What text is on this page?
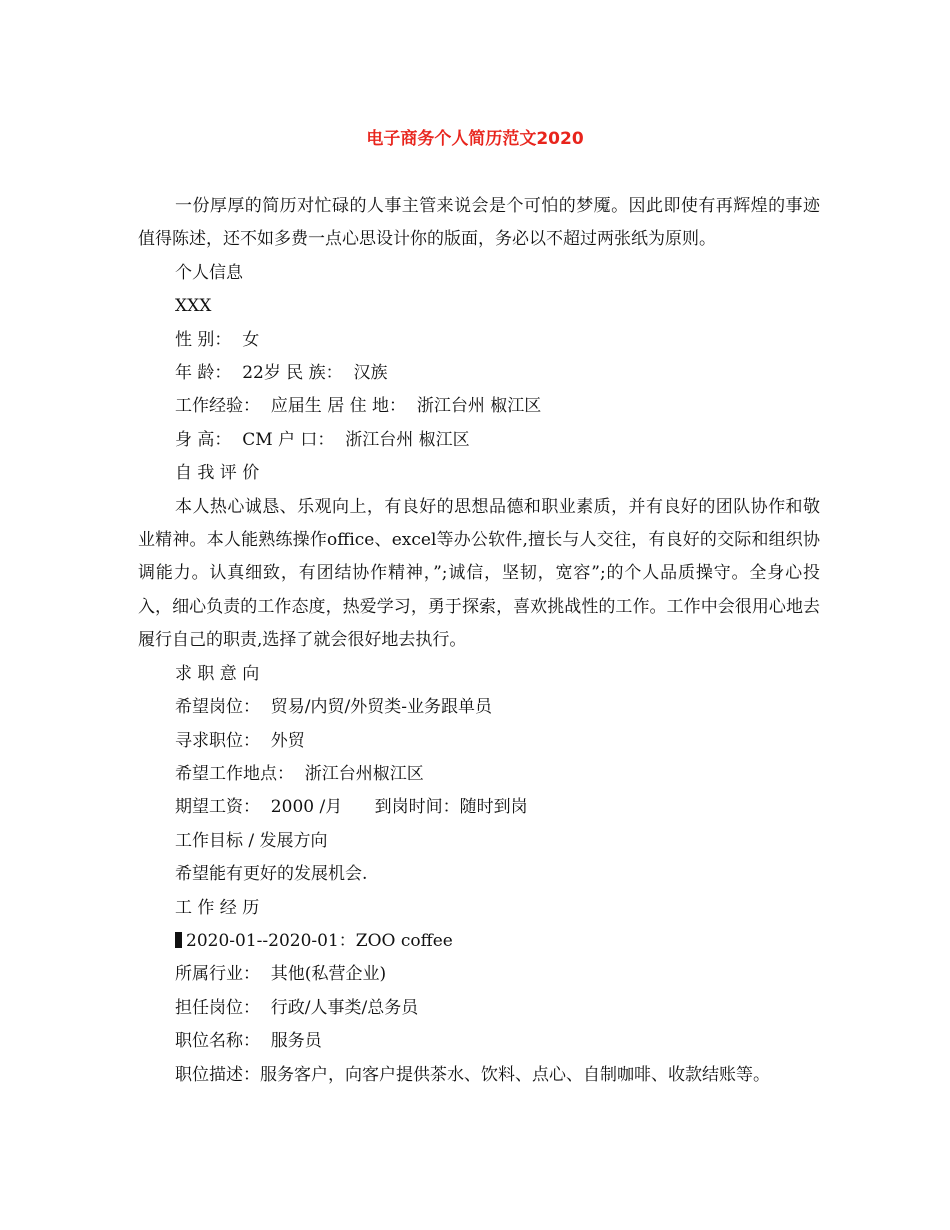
电子商务个人简历范文2020

一份厚厚的简历对忙碌的人事主管来说会是个可怕的梦魇。因此即使有再辉煌的事迹值得陈述，还不如多费一点心思设计你的版面，务必以不超过两张纸为原则。

个人信息

XXX

性 别：  女

年 龄：  22岁 民 族：  汉族

工作经验：  应届生 居 住 地：  浙江台州 椒江区

身 高：  CM 户 口：  浙江台州 椒江区

自 我 评 价

本人热心诚恳、乐观向上，有良好的思想品德和职业素质，并有良好的团队协作和敬业精神。本人能熟练操作office、excel等办公软件,擅长与人交往，有良好的交际和组织协调能力。认真细致，有团结协作精神，”;诚信，坚韧，宽容”;的个人品质操守。全身心投入，细心负责的工作态度，热爱学习，勇于探索，喜欢挑战性的工作。工作中会很用心地去履行自己的职责,选择了就会很好地去执行。

求 职 意 向

希望岗位：  贸易/内贸/外贸类-业务跟单员

寻求职位：  外贸

希望工作地点：  浙江台州椒江区

期望工资：  2000 /月      到岗时间：随时到岗

工作目标 / 发展方向

希望能有更好的发展机会.

工 作 经 历

2020-01--2020-01：ZOO coffee

所属行业：  其他(私营企业)

担任岗位：  行政/人事类/总务员

职位名称：  服务员

职位描述：服务客户，向客户提供茶水、饮料、点心、自制咖啡、收款结账等。
